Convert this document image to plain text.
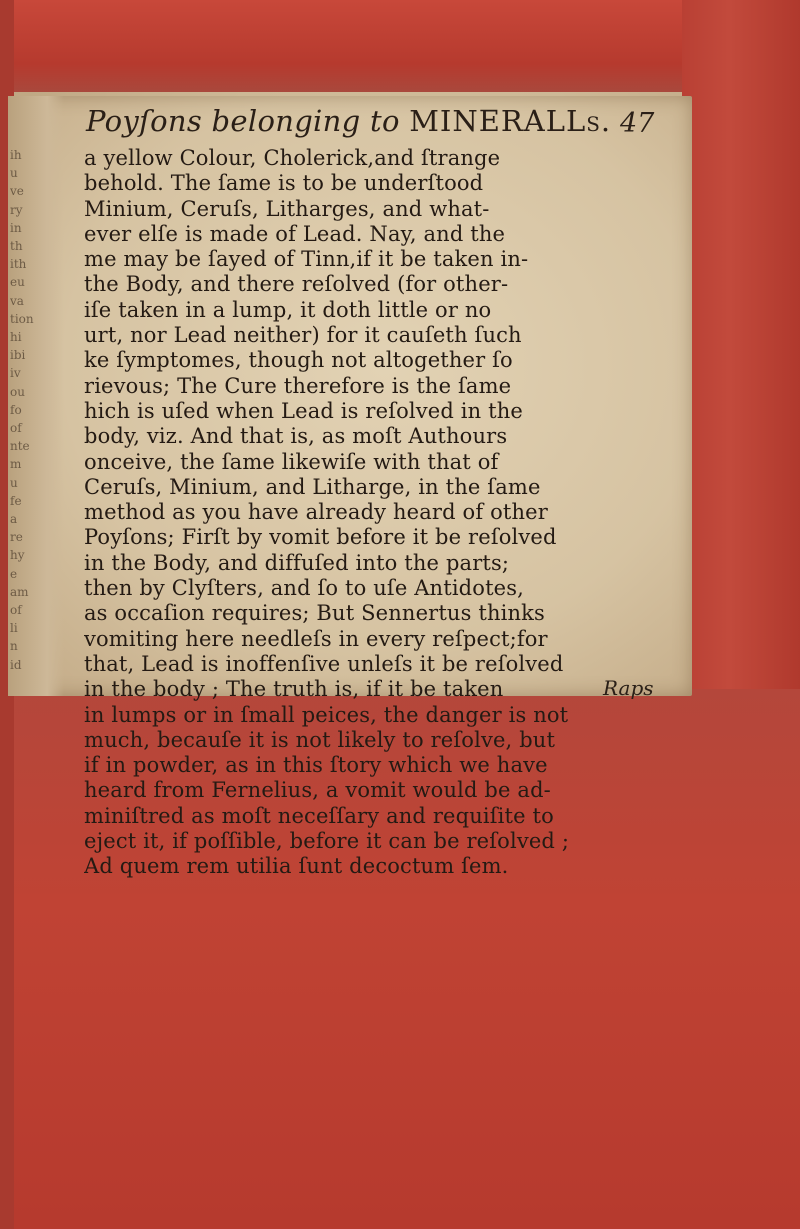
ih
u
ve
ry
in
th
ith
eu
va
tion
hi
ibi
iv
ou
fo
of
nte
m
u
fe
a
re
hy
e
am
of
li
n
id
Poyſons belonging to MINERALLs. 47
a yellow Colour, Cholerick,and ſtrange
behold. The ſame is to be underſtood
Minium, Ceruſs, Litharges, and what-
ever elſe is made of Lead. Nay, and the
me may be ſayed of Tinn,if it be taken in-
the Body, and there reſolved (for other-
iſe taken in a lump, it doth little or no
urt, nor Lead neither) for it cauſeth ſuch
ke ſymptomes, though not altogether ſo
rievous; The Cure therefore is the ſame
hich is uſed when Lead is reſolved in the
body, viz. And that is, as moſt Authours
onceive, the ſame likewiſe with that of
Ceruſs, Minium, and Litharge, in the ſame
method as you have already heard of other
Poyſons; Firſt by vomit before it be reſolved
in the Body, and diffuſed into the parts;
then by Clyſters, and ſo to uſe Antidotes,
as occaſion requires; But Sennertus thinks
vomiting here needleſs in every reſpect;for
that, Lead is inoffenſive unleſs it be reſolved
in the body ; The truth is, if it be taken
in lumps or in ſmall peices, the danger is not
much, becauſe it is not likely to reſolve, but
if in powder, as in this ſtory which we have
heard from Fernelius, a vomit would be ad-
miniſtred as moſt neceſſary and requiſite to
eject it, if poſſible, before it can be reſolved ;
Ad quem rem utilia ſunt decoctum ſem.
Raps
